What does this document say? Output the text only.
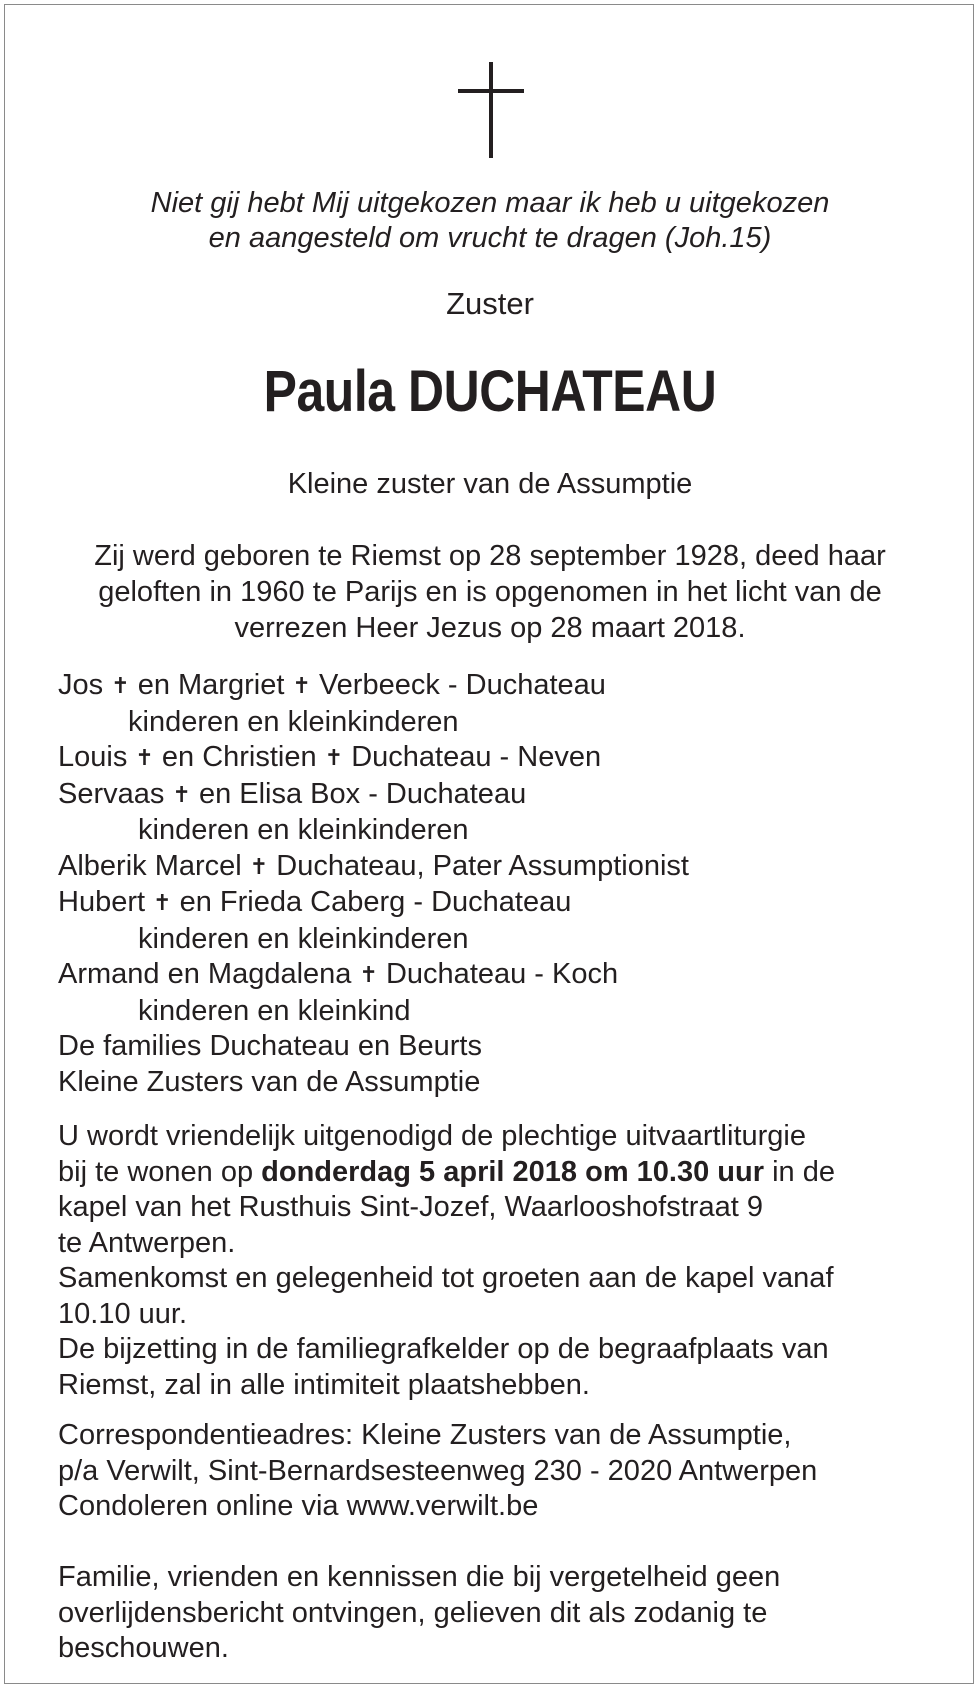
Niet gij hebt Mij uitgekozen maar ik heb u uitgekozen
en aangesteld om vrucht te dragen (Joh.15)
Zuster
Paula DUCHATEAU
Kleine zuster van de Assumptie
Zij werd geboren te Riemst op 28 september 1928, deed haar
geloften in 1960 te Parijs en is opgenomen in het licht van de
verrezen Heer Jezus op 28 maart 2018.
Jos ✝ en Margriet ✝ Verbeeck - Duchateau
kinderen en kleinkinderen
Louis ✝ en Christien ✝ Duchateau - Neven
Servaas ✝ en Elisa Box - Duchateau
kinderen en kleinkinderen
Alberik Marcel ✝ Duchateau, Pater Assumptionist
Hubert ✝ en Frieda Caberg - Duchateau
kinderen en kleinkinderen
Armand en Magdalena ✝ Duchateau - Koch
kinderen en kleinkind
De families Duchateau en Beurts
Kleine Zusters van de Assumptie
U wordt vriendelijk uitgenodigd de plechtige uitvaartliturgie
bij te wonen op donderdag 5 april 2018 om 10.30 uur in de
kapel van het Rusthuis Sint-Jozef, Waarlooshofstraat 9
te Antwerpen.
Samenkomst en gelegenheid tot groeten aan de kapel vanaf
10.10 uur.
De bijzetting in de familiegrafkelder op de begraafplaats van
Riemst, zal in alle intimiteit plaatshebben.
Correspondentieadres: Kleine Zusters van de Assumptie,
p/a Verwilt, Sint-Bernardsesteenweg 230 - 2020 Antwerpen
Condoleren online via www.verwilt.be
Familie, vrienden en kennissen die bij vergetelheid geen
overlijdensbericht ontvingen, gelieven dit als zodanig te
beschouwen.
